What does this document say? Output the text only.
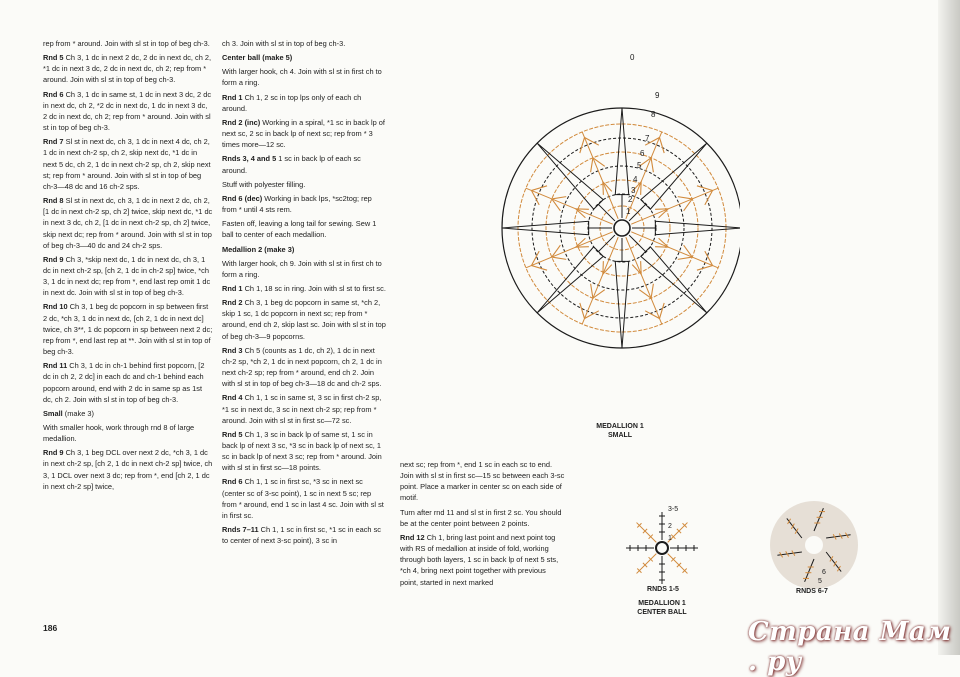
rep from * around. Join with sl st in top of beg ch-3.

Rnd 5 Ch 3, 1 dc in next 2 dc, 2 dc in next dc, ch 2, *1 dc in next 3 dc, 2 dc in next dc, ch 2; rep from * around. Join with sl st in top of beg ch-3.

Rnd 6 Ch 3, 1 dc in same st, 1 dc in next 3 dc, 2 dc in next dc, ch 2, *2 dc in next dc, 1 dc in next 3 dc, 2 dc in next dc, ch 2; rep from * around. Join with sl st in top of beg ch-3.

Rnd 7 Sl st in next dc, ch 3, 1 dc in next 4 dc, ch 2, 1 dc in next ch-2 sp, ch 2, skip next dc, *1 dc in next 5 dc, ch 2, 1 dc in next ch-2 sp, ch 2, skip next st; rep from * around. Join with sl st in top of beg ch-3—48 dc and 16 ch-2 sps.

Rnd 8 Sl st in next dc, ch 3, 1 dc in next 2 dc, ch 2, [1 dc in next ch-2 sp, ch 2] twice, skip next dc, *1 dc in next 3 dc, ch 2, [1 dc in next ch-2 sp, ch 2] twice, skip next dc; rep from * around. Join with sl st in top of beg ch-3—40 dc and 24 ch-2 sps.

Rnd 9 Ch 3, *skip next dc, 1 dc in next dc, ch 3, 1 dc in next ch-2 sp, [ch 2, 1 dc in ch-2 sp] twice, *ch 3, 1 dc in next dc; rep from *, end last rep omit 1 dc in next dc. Join with sl st in top of beg ch-3.

Rnd 10 Ch 3, 1 beg dc popcorn in sp between first 2 dc, *ch 3, 1 dc in next dc, [ch 2, 1 dc in next dc] twice, ch 3**, 1 dc popcorn in sp between next 2 dc; rep from *, end last rep at **. Join with sl st in top of beg ch-3.

Rnd 11 Ch 3, 1 dc in ch-1 behind first popcorn, [2 dc in ch 2, 2 dc] in each dc and ch-1 behind each popcorn around, end with 2 dc in same sp as 1st dc, ch 2. Join with sl st in top of beg ch-3.

Small (make 3)

With smaller hook, work through rnd 8 of large medallion.

Rnd 9 Ch 3, 1 beg DCL over next 2 dc, *ch 3, 1 dc in next ch-2 sp, [ch 2, 1 dc in next ch-2 sp] twice, ch 3, 1 DCL over next 3 dc; rep from *, end [ch 2, 1 dc in next ch-2 sp] twice,

ch 3. Join with sl st in top of beg ch-3.

Center ball (make 5)

With larger hook, ch 4. Join with sl st in first ch to form a ring.

Rnd 1 Ch 1, 2 sc in top lps only of each ch around.

Rnd 2 (inc) Working in a spiral, *1 sc in back lp of next sc, 2 sc in back lp of next sc; rep from * 3 times more—12 sc.

Rnds 3, 4 and 5 1 sc in back lp of each sc around.

Stuff with polyester filling.

Rnd 6 (dec) Working in back lps, *sc2tog; rep from * until 4 sts rem.

Fasten off, leaving a long tail for sewing. Sew 1 ball to center of each medallion.

Medallion 2 (make 3)

With larger hook, ch 9. Join with sl st in first ch to form a ring.

Rnd 1 Ch 1, 18 sc in ring. Join with sl st to first sc.

Rnd 2 Ch 3, 1 beg dc popcorn in same st, *ch 2, skip 1 sc, 1 dc popcorn in next sc; rep from * around, end ch 2, skip last sc. Join with sl st in top of beg ch-3—9 popcorns.

Rnd 3 Ch 5 (counts as 1 dc, ch 2), 1 dc in next ch-2 sp, *ch 2, 1 dc in next popcorn, ch 2, 1 dc in next ch-2 sp; rep from * around, end ch 2. Join with sl st in top of beg ch-3—18 dc and ch-2 sps.

Rnd 4 Ch 1, 1 sc in same st, 3 sc in first ch-2 sp, *1 sc in next dc, 3 sc in next ch-2 sp; rep from * around. Join with sl st in first sc—72 sc.

Rnd 5 Ch 1, 3 sc in back lp of same st, 1 sc in back lp of next 3 sc, *3 sc in back lp of next sc, 1 sc in back lp of next 3 sc; rep from * around. Join with sl st in first sc—18 points.

Rnd 6 Ch 1, 1 sc in first sc, *3 sc in next sc (center sc of 3-sc point), 1 sc in next 5 sc; rep from * around, end 1 sc in last 4 sc. Join with sl st in first sc.

Rnds 7–11 Ch 1, 1 sc in first sc, *1 sc in each sc to center of next 3-sc point), 3 sc in

next sc; rep from *, end 1 sc in each sc to end. Join with sl st in first sc—15 sc between each 3-sc point. Place a marker in center sc on each side of motif.

Turn after rnd 11 and sl st in first 2 sc. You should be at the center point between 2 points.

Rnd 12 Ch 1, bring last point and next point tog with RS of medallion at inside of fold, working through both layers, 1 sc in back lp of next 5 sts, *ch 4, bring next point together with previous point, started in next marked

186
1
2
3
4
5
6
7
8
9
0
MEDALLION 1
SMALL
3-5
2
1
RNDS 1-5
MEDALLION 1
CENTER BALL
6
5
RNDS 6-7
Страна Мам . ру
